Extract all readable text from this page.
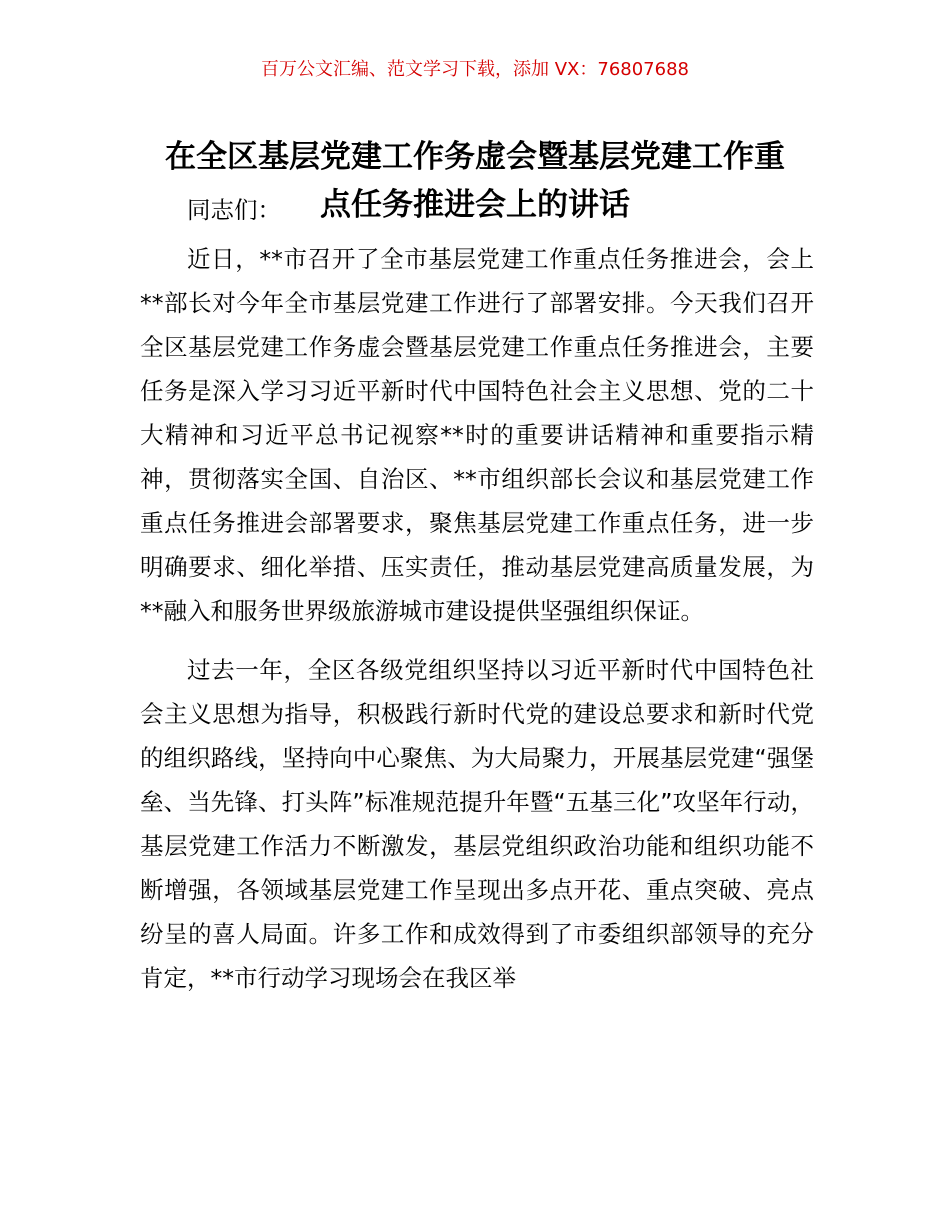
百万公文汇编、范文学习下载，添加 VX：76807688
在全区基层党建工作务虚会暨基层党建工作重
点任务推进会上的讲话

同志们：

近日，**市召开了全市基层党建工作重点任务推进会，会上**部长对今年全市基层党建工作进行了部署安排。今天我们召开全区基层党建工作务虚会暨基层党建工作重点任务推进会，主要任务是深入学习习近平新时代中国特色社会主义思想、党的二十大精神和习近平总书记视察**时的重要讲话精神和重要指示精神，贯彻落实全国、自治区、**市组织部长会议和基层党建工作重点任务推进会部署要求，聚焦基层党建工作重点任务，进一步明确要求、细化举措、压实责任，推动基层党建高质量发展，为**融入和服务世界级旅游城市建设提供坚强组织保证。

过去一年，全区各级党组织坚持以习近平新时代中国特色社会主义思想为指导，积极践行新时代党的建设总要求和新时代党的组织路线，坚持向中心聚焦、为大局聚力，开展基层党建“强堡垒、当先锋、打头阵”标准规范提升年暨“五基三化”攻坚年行动，基层党建工作活力不断激发，基层党组织政治功能和组织功能不断增强，各领域基层党建工作呈现出多点开花、重点突破、亮点纷呈的喜人局面。许多工作和成效得到了市委组织部领导的充分肯定，**市行动学习现场会在我区举
